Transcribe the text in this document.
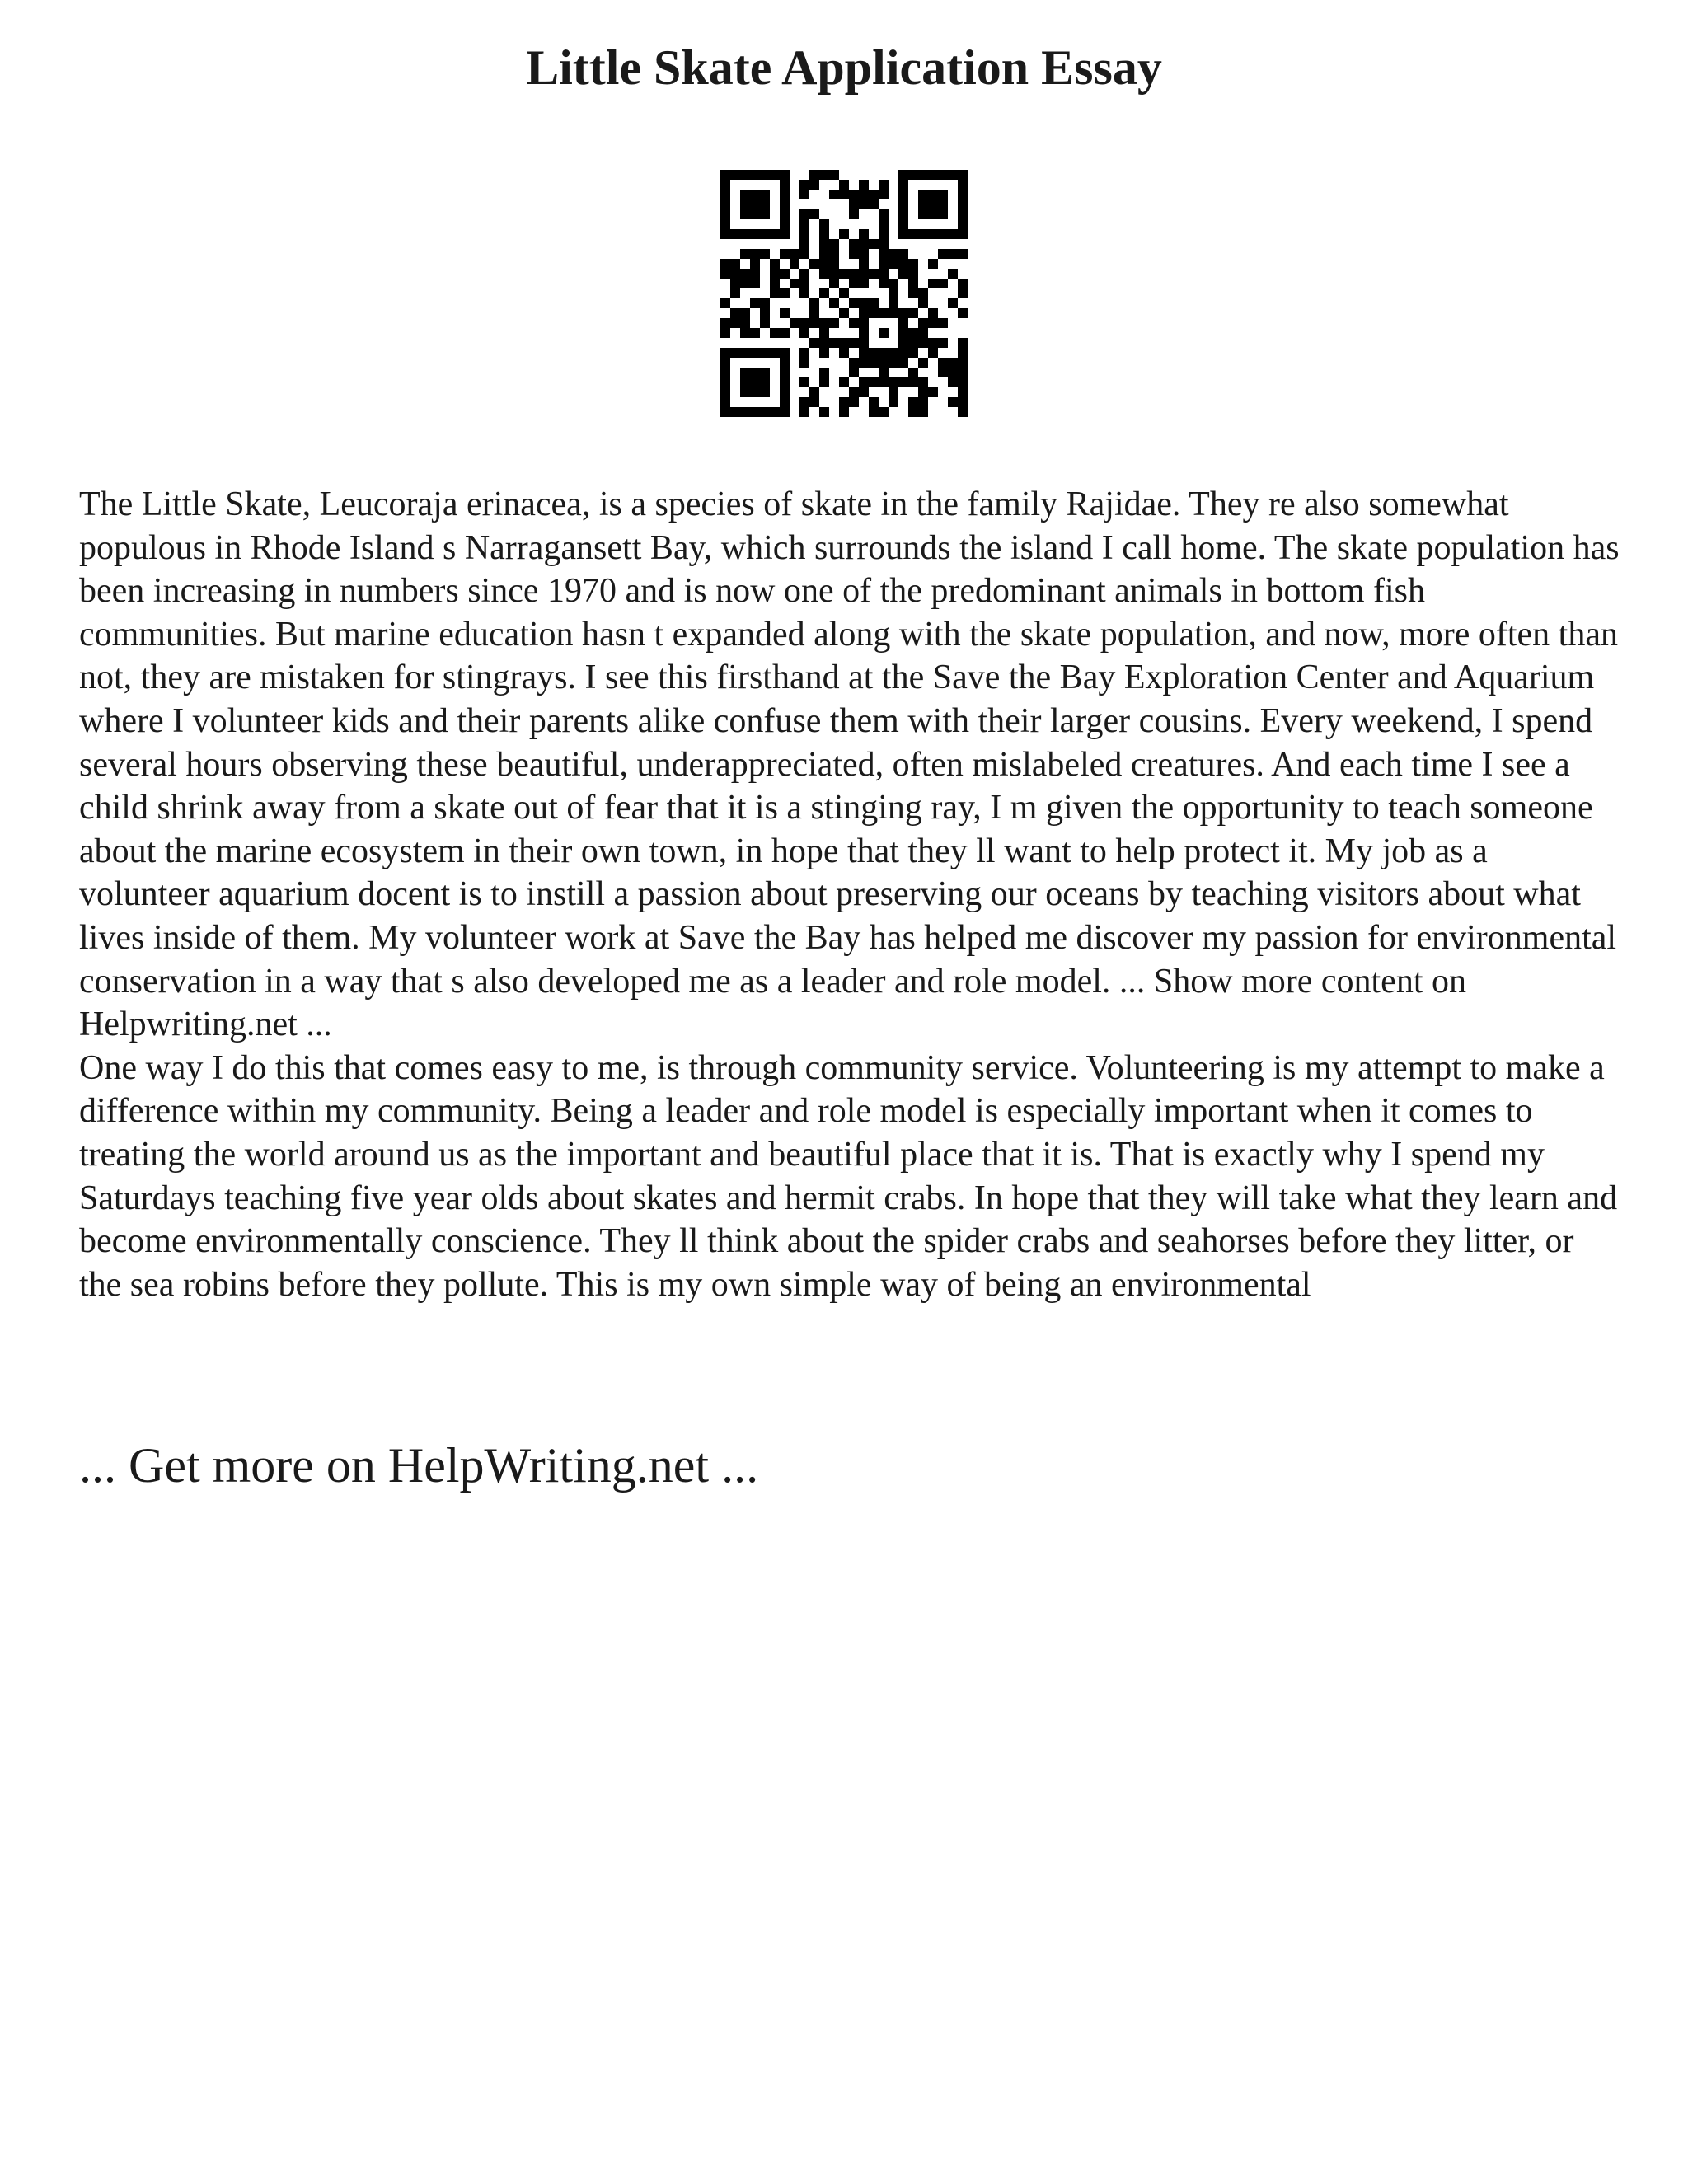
Little Skate Application Essay

The Little Skate, Leucoraja erinacea, is a species of skate in the family Rajidae. They re also somewhat populous in Rhode Island s Narragansett Bay, which surrounds the island I call home. The skate population has been increasing in numbers since 1970 and is now one of the predominant animals in bottom fish communities. But marine education hasn t expanded along with the skate population, and now, more often than not, they are mistaken for stingrays. I see this firsthand at the Save the Bay Exploration Center and Aquarium where I volunteer kids and their parents alike confuse them with their larger cousins. Every weekend, I spend several hours observing these beautiful, underappreciated, often mislabeled creatures. And each time I see a child shrink away from a skate out of fear that it is a stinging ray, I m given the opportunity to teach someone about the marine ecosystem in their own town, in hope that they ll want to help protect it. My job as a volunteer aquarium docent is to instill a passion about preserving our oceans by teaching visitors about what lives inside of them. My volunteer work at Save the Bay has helped me discover my passion for environmental conservation in a way that s also developed me as a leader and role model. ... Show more content on Helpwriting.net ...

One way I do this that comes easy to me, is through community service. Volunteering is my attempt to make a difference within my community. Being a leader and role model is especially important when it comes to treating the world around us as the important and beautiful place that it is. That is exactly why I spend my Saturdays teaching five year olds about skates and hermit crabs. In hope that they will take what they learn and become environmentally conscience. They ll think about the spider crabs and seahorses before they litter, or the sea robins before they pollute. This is my own simple way of being an environmental

... Get more on HelpWriting.net ...
